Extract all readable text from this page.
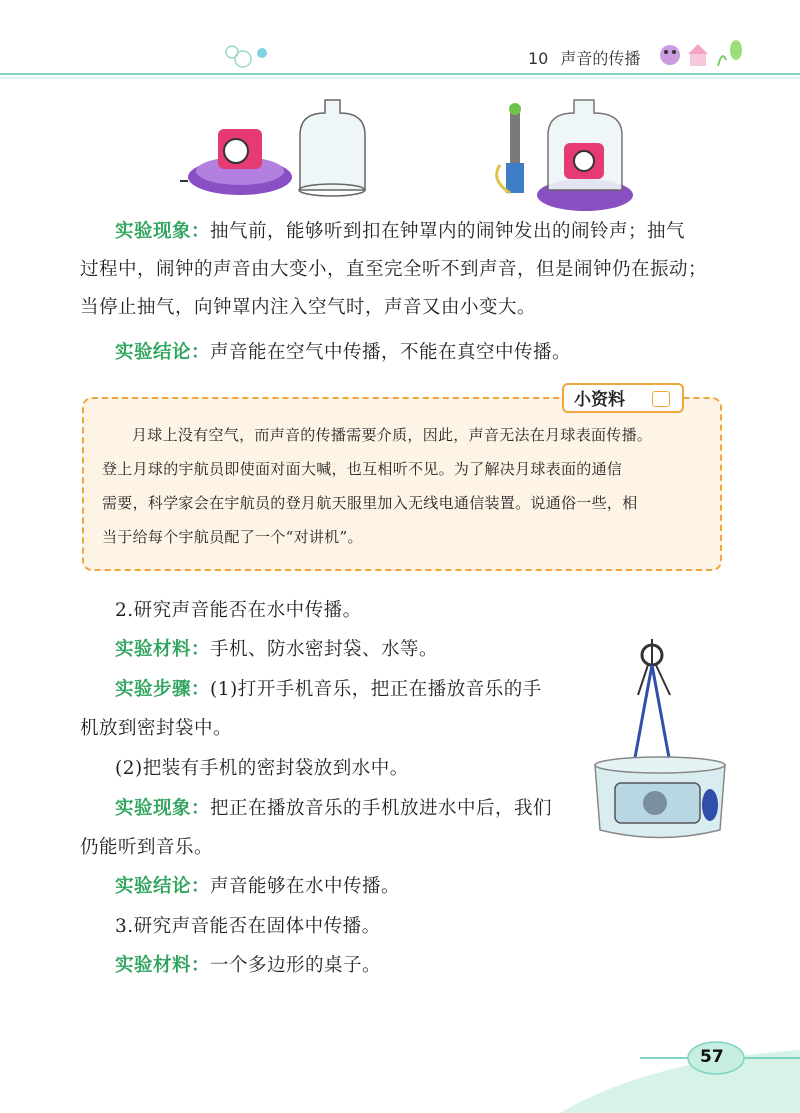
10 声音的传播
实验现象：抽气前，能够听到扣在钟罩内的闹钟发出的闹铃声；抽气
过程中，闹钟的声音由大变小，直至完全听不到声音，但是闹钟仍在振动；
当停止抽气，向钟罩内注入空气时，声音又由小变大。
实验结论：声音能在空气中传播，不能在真空中传播。
小资料
月球上没有空气，而声音的传播需要介质，因此，声音无法在月球表面传播。
登上月球的宇航员即使面对面大喊，也互相听不见。为了解决月球表面的通信
需要，科学家会在宇航员的登月航天服里加入无线电通信装置。说通俗一些，相
当于给每个宇航员配了一个“对讲机”。
2.研究声音能否在水中传播。
实验材料：手机、防水密封袋、水等。
实验步骤：(1)打开手机音乐，把正在播放音乐的手
机放到密封袋中。
(2)把装有手机的密封袋放到水中。
实验现象：把正在播放音乐的手机放进水中后，我们
仍能听到音乐。
实验结论：声音能够在水中传播。
3.研究声音能否在固体中传播。
实验材料：一个多边形的桌子。
57
